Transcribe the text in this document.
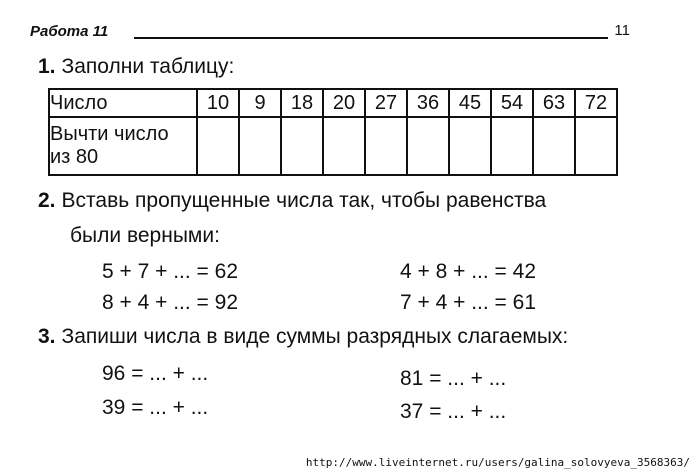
Работа 11	11
1. Заполни таблицу:
Число	10	9	18	20	27	36	45	54	63	72

Вычти число
из 80										

2. Вставь пропущенные числа так, чтобы равенства
были верными:
5 + 7 + ... = 62
8 + 4 + ... = 92
4 + 8 + ... = 42
7 + 4 + ... = 61
3. Запиши числа в виде суммы разрядных слагаемых:
96 = ... + ...
39 = ... + ...
81 = ... + ...
37 = ... + ...
http://www.liveinternet.ru/users/galina_solovyeva_3568363/
